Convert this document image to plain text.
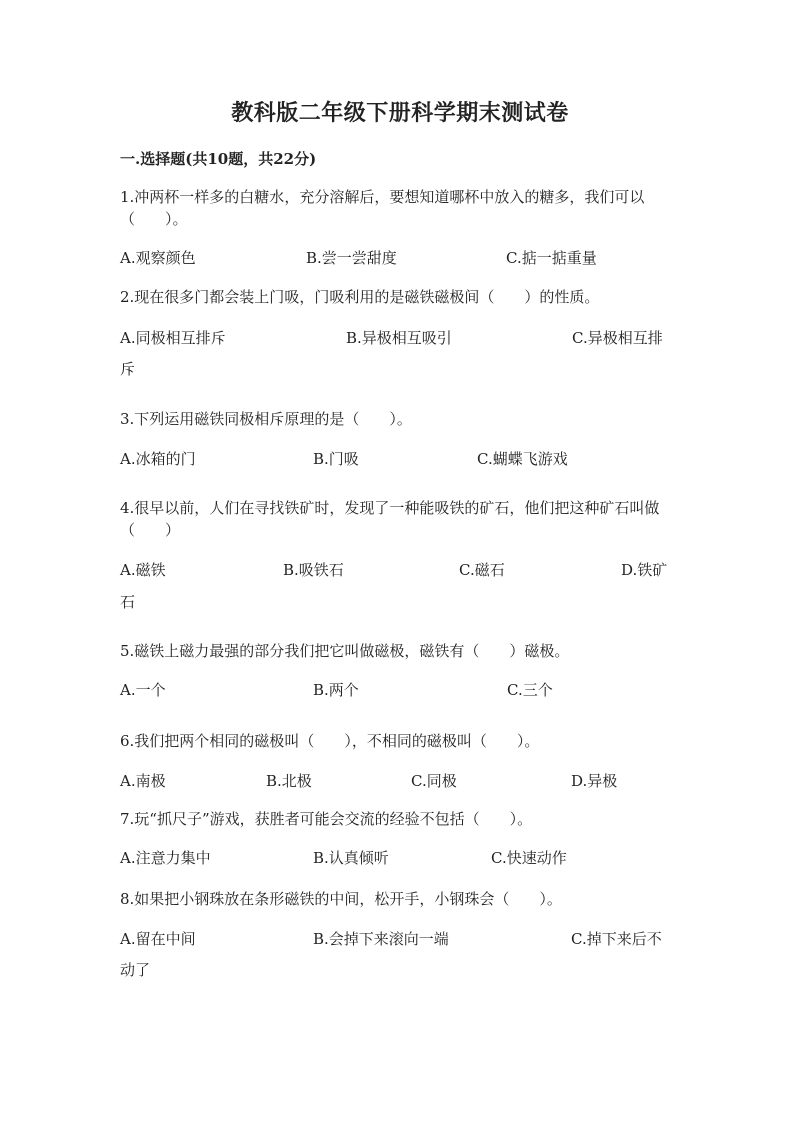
教科版二年级下册科学期末测试卷
一.选择题(共10题，共22分)
1.冲两杯一样多的白糖水，充分溶解后，要想知道哪杯中放入的糖多，我们可以（　　）。
A.观察颜色	B.尝一尝甜度	C.掂一掂重量
2.现在很多门都会装上门吸，门吸利用的是磁铁磁极间（　　）的性质。
A.同极相互排斥	B.异极相互吸引	C.异极相互排
斥
3.下列运用磁铁同极相斥原理的是（　　）。
A.冰箱的门	B.门吸	C.蝴蝶飞游戏
4.很早以前，人们在寻找铁矿时，发现了一种能吸铁的矿石，他们把这种矿石叫做（　　）
A.磁铁	B.吸铁石	C.磁石	D.铁矿
石
5.磁铁上磁力最强的部分我们把它叫做磁极，磁铁有（　　）磁极。
A.一个	B.两个	C.三个
6.我们把两个相同的磁极叫（　　），不相同的磁极叫（　　）。
A.南极	B.北极	C.同极	D.异极
7.玩“抓尺子”游戏，获胜者可能会交流的经验不包括（　　）。
A.注意力集中	B.认真倾听	C.快速动作
8.如果把小钢珠放在条形磁铁的中间，松开手，小钢珠会（　　）。
A.留在中间	B.会掉下来滚向一端	C.掉下来后不
动了
